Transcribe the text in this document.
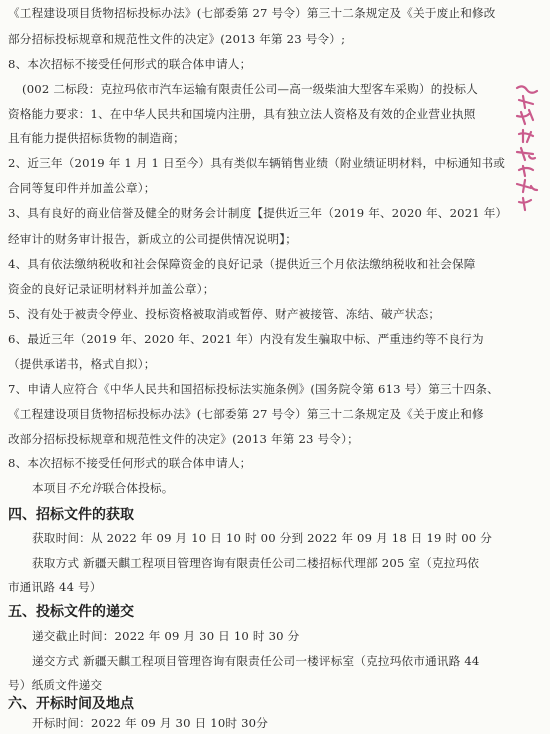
《工程建设项目货物招标投标办法》(七部委第 27 号令）第三十二条规定及《关于废止和修改
部分招标投标规章和规范性文件的决定》(2013 年第 23 号令）;
8、本次招标不接受任何形式的联合体申请人；
(002 二标段：克拉玛依市汽车运输有限责任公司—高一级柴油大型客车采购）的投标人
资格能力要求：1、在中华人民共和国境内注册，具有独立法人资格及有效的企业营业执照
且有能力提供招标货物的制造商；
2、近三年（2019 年 1 月 1 日至今）具有类似车辆销售业绩（附业绩证明材料，中标通知书或
合同等复印件并加盖公章）；
3、具有良好的商业信誉及健全的财务会计制度【提供近三年（2019 年、2020 年、2021 年）
经审计的财务审计报告，新成立的公司提供情况说明】；
4、具有依法缴纳税收和社会保障资金的良好记录（提供近三个月依法缴纳税收和社会保障
资金的良好记录证明材料并加盖公章）；
5、没有处于被责令停业、投标资格被取消或暂停、财产被接管、冻结、破产状态；
6、最近三年（2019 年、2020 年、2021 年）内没有发生骗取中标、严重违约等不良行为
（提供承诺书，格式自拟）；
7、申请人应符合《中华人民共和国招标投标法实施条例》(国务院令第 613 号）第三十四条、
《工程建设项目货物招标投标办法》(七部委第 27 号令）第三十二条规定及《关于废止和修
改部分招标投标规章和规范性文件的决定》(2013 年第 23 号令）；
8、本次招标不接受任何形式的联合体申请人；
本项目不允许联合体投标。
四、招标文件的获取
获取时间：从 2022 年 09 月 10 日 10 时 00 分到 2022 年 09 月 18 日 19 时 00 分
获取方式 新疆天麒工程项目管理咨询有限责任公司二楼招标代理部 205 室（克拉玛依
市通讯路 44 号）
五、投标文件的递交
递交截止时间：2022 年 09 月 30 日 10 时 30 分
递交方式 新疆天麒工程项目管理咨询有限责任公司一楼评标室（克拉玛依市通讯路 44
号）纸质文件递交
六、开标时间及地点
开标时间：2022 年 09 月 30 日 10时 30分
